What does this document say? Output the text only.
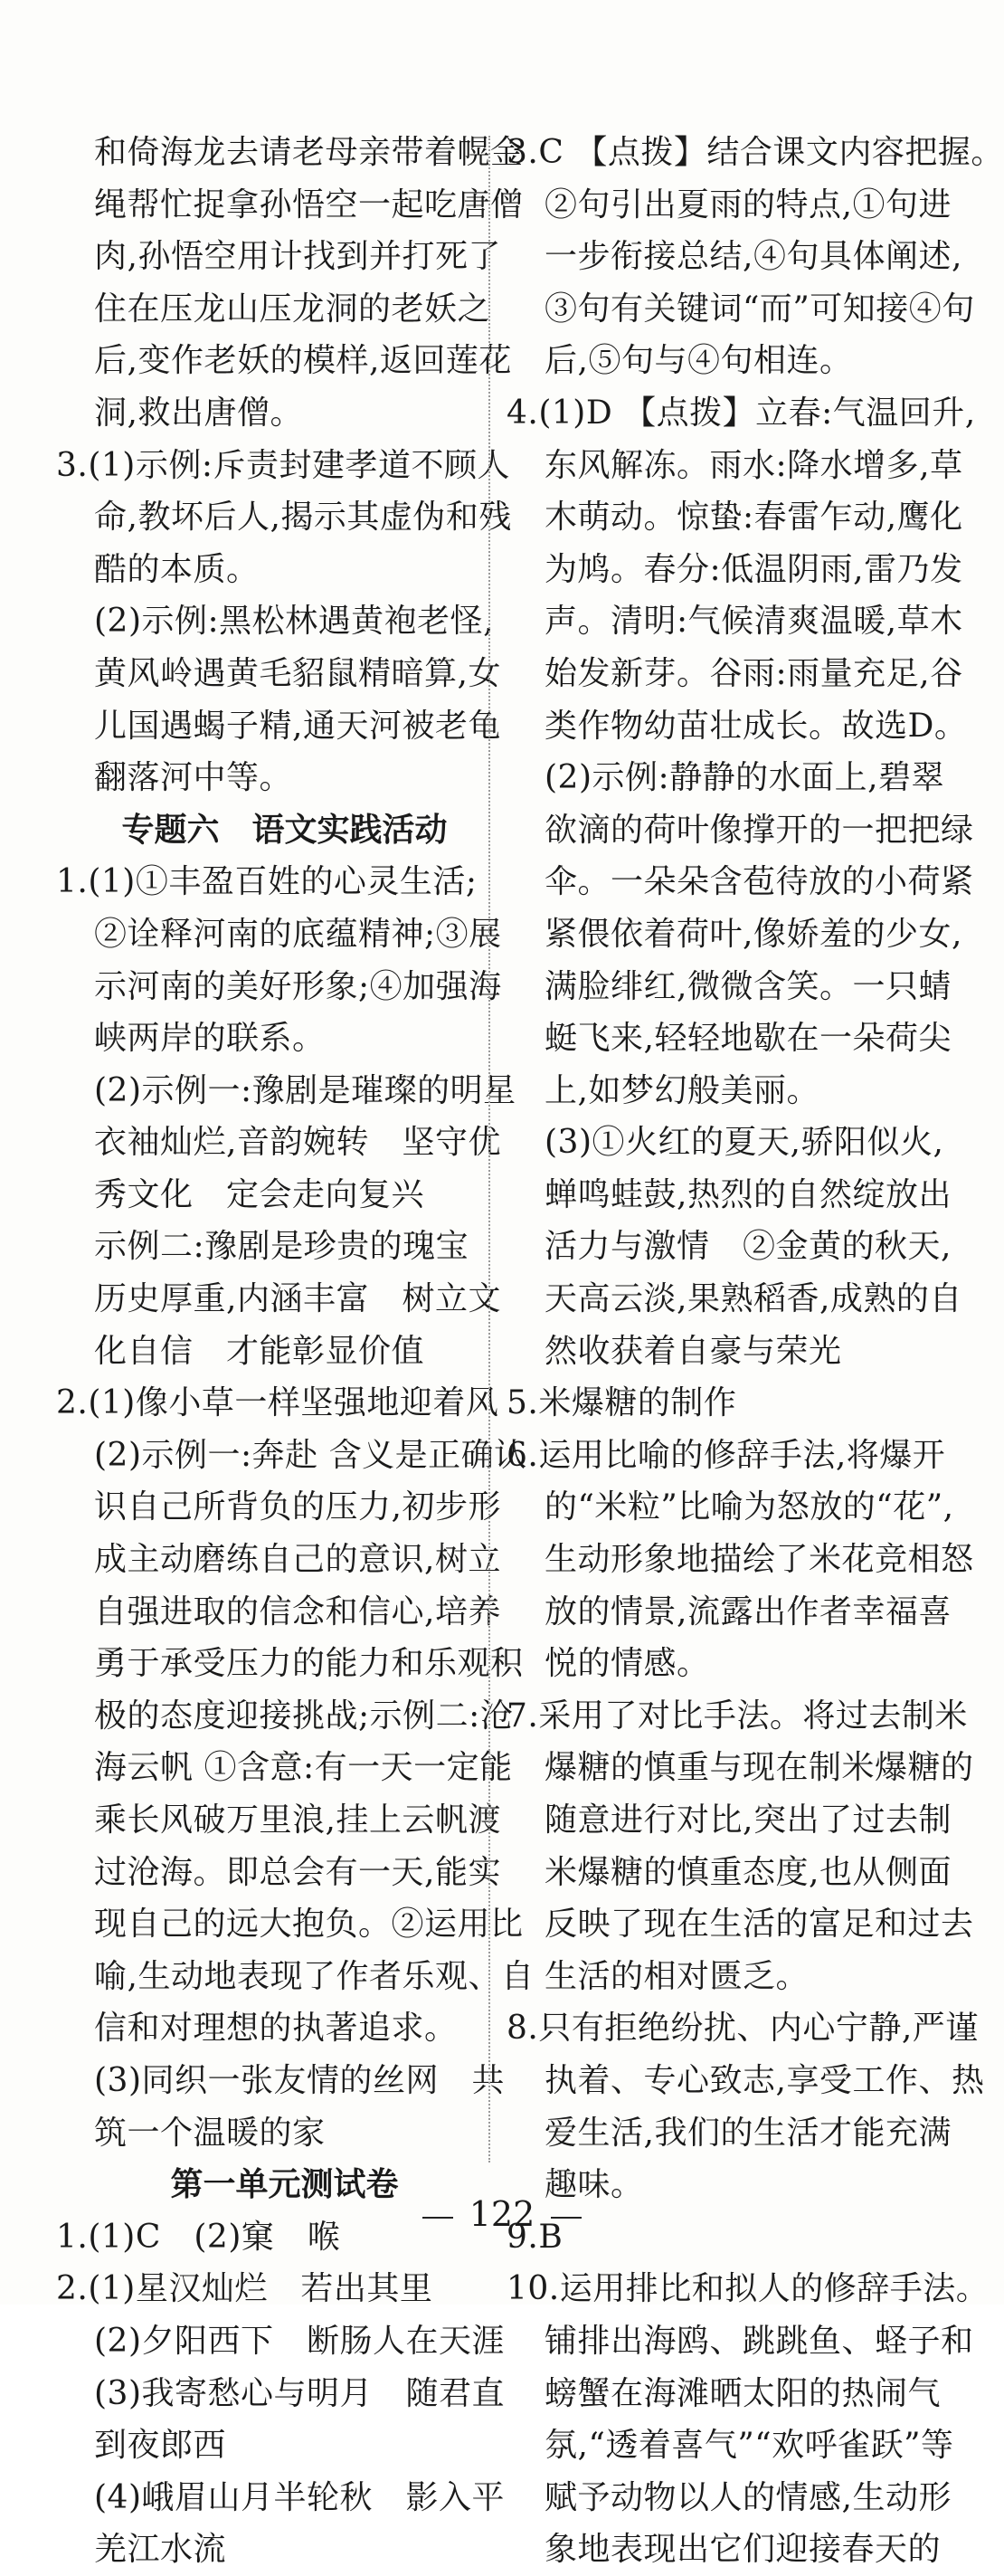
和倚海龙去请老母亲带着幌金
绳帮忙捉拿孙悟空一起吃唐僧
肉,孙悟空用计找到并打死了
住在压龙山压龙洞的老妖之
后,变作老妖的模样,返回莲花
洞,救出唐僧。
3.(1)示例:斥责封建孝道不顾人
命,教坏后人,揭示其虚伪和残
酷的本质。
(2)示例:黑松林遇黄袍老怪,
黄风岭遇黄毛貂鼠精暗算,女
儿国遇蝎子精,通天河被老龟
翻落河中等。
专题六　语文实践活动
1.(1)①丰盈百姓的心灵生活;
②诠释河南的底蕴精神;③展
示河南的美好形象;④加强海
峡两岸的联系。
(2)示例一:豫剧是璀璨的明星
衣袖灿烂,音韵婉转　坚守优
秀文化　定会走向复兴
示例二:豫剧是珍贵的瑰宝
历史厚重,内涵丰富　树立文
化自信　才能彰显价值
2.(1)像小草一样坚强地迎着风
(2)示例一:奔赴 含义是正确认
识自己所背负的压力,初步形
成主动磨练自己的意识,树立
自强进取的信念和信心,培养
勇于承受压力的能力和乐观积
极的态度迎接挑战;示例二:沧
海云帆 ①含意:有一天一定能
乘长风破万里浪,挂上云帆渡
过沧海。即总会有一天,能实
现自己的远大抱负。②运用比
喻,生动地表现了作者乐观、自
信和对理想的执著追求。
(3)同织一张友情的丝网　共
筑一个温暖的家
第一单元测试卷
1.(1)C　(2)窠　喉
2.(1)星汉灿烂　若出其里
(2)夕阳西下　断肠人在天涯
(3)我寄愁心与明月　随君直
到夜郎西
(4)峨眉山月半轮秋　影入平
羌江水流
3.C 【点拨】结合课文内容把握。
②句引出夏雨的特点,①句进
一步衔接总结,④句具体阐述,
③句有关键词“而”可知接④句
后,⑤句与④句相连。
4.(1)D 【点拨】立春:气温回升,
东风解冻。雨水:降水增多,草
木萌动。惊蛰:春雷乍动,鹰化
为鸠。春分:低温阴雨,雷乃发
声。清明:气候清爽温暖,草木
始发新芽。谷雨:雨量充足,谷
类作物幼苗壮成长。故选D。
(2)示例:静静的水面上,碧翠
欲滴的荷叶像撑开的一把把绿
伞。一朵朵含苞待放的小荷紧
紧偎依着荷叶,像娇羞的少女,
满脸绯红,微微含笑。一只蜻
蜓飞来,轻轻地歇在一朵荷尖
上,如梦幻般美丽。
(3)①火红的夏天,骄阳似火,
蝉鸣蛙鼓,热烈的自然绽放出
活力与激情　②金黄的秋天,
天高云淡,果熟稻香,成熟的自
然收获着自豪与荣光
5.米爆糖的制作
6.运用比喻的修辞手法,将爆开
的“米粒”比喻为怒放的“花”,
生动形象地描绘了米花竞相怒
放的情景,流露出作者幸福喜
悦的情感。
7.采用了对比手法。将过去制米
爆糖的慎重与现在制米爆糖的
随意进行对比,突出了过去制
米爆糖的慎重态度,也从侧面
反映了现在生活的富足和过去
生活的相对匮乏。
8.只有拒绝纷扰、内心宁静,严谨
执着、专心致志,享受工作、热
爱生活,我们的生活才能充满
趣味。
9.B
10.运用排比和拟人的修辞手法。
铺排出海鸥、跳跳鱼、蛏子和
螃蟹在海滩晒太阳的热闹气
氛,“透着喜气”“欢呼雀跃”等
赋予动物以人的情感,生动形
象地表现出它们迎接春天的
122
